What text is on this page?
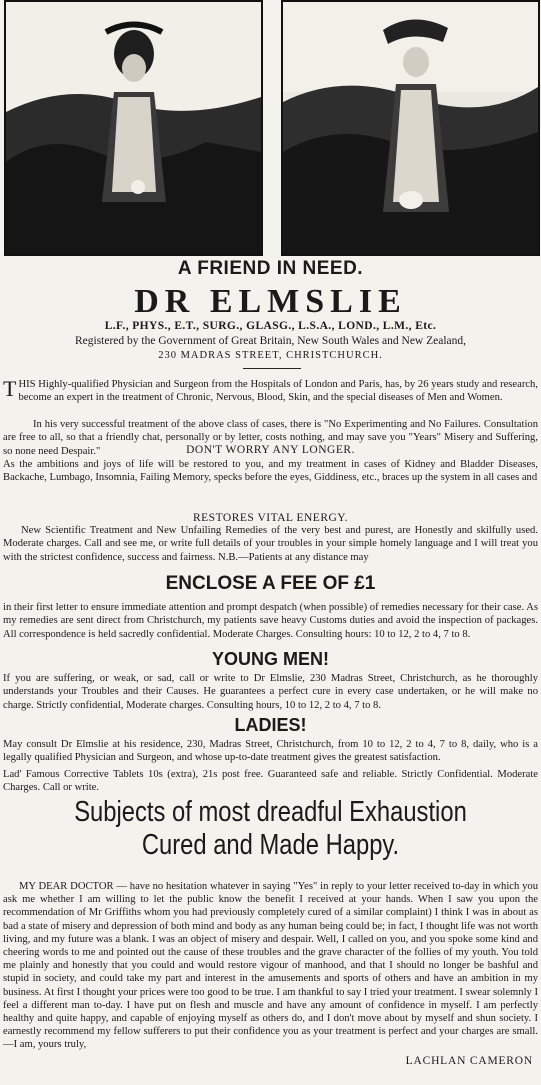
A FRIEND IN NEED.
DR ELMSLIE
L.F., PHYS., E.T., SURG., GLASG., L.S.A., LOND., L.M., Etc.
Registered by the Government of Great Britain, New South Wales and New Zealand,
230 MADRAS STREET, CHRISTCHURCH.
THIS Highly-qualified Physician and Surgeon from the Hospitals of London and Paris, has, by 26 years study and research, become an expert in the treatment of Chronic, Nervous, Blood, Skin, and the special diseases of Men and Women.
In his very successful treatment of the above class of cases, there is "No Experimenting and No Failures. Consultation are free to all, so that a friendly chat, personally or by letter, costs nothing, and may save you "Years" Misery and Suffering, so none need Despair."	DON'T WORRY ANY LONGER.
As the ambitions and joys of life will be restored to you, and my treatment in cases of Kidney and Bladder Diseases, Backache, Lumbago, Insomnia, Failing Memory, specks before the eyes, Giddiness, etc., braces up the system in all cases and
RESTORES VITAL ENERGY.
New Scientific Treatment and New Unfailing Remedies of the very best and purest, are Honestly and skilfully used. Moderate charges. Call and see me, or write full details of your troubles in your simple homely language and I will treat you with the strictest confidence, success and fairness. N.B.—Patients at any distance may
ENCLOSE A FEE OF £1
in their first letter to ensure immediate attention and prompt despatch (when possible) of remedies necessary for their case. As my remedies are sent direct from Christchurch, my patients save heavy Customs duties and avoid the inspection of packages. All correspondence is held sacredly confidential. Moderate Charges. Consulting hours: 10 to 12, 2 to 4, 7 to 8.
YOUNG MEN!
If you are suffering, or weak, or sad, call or write to Dr Elmslie, 230 Madras Street, Christchurch, as he thoroughly understands your Troubles and their Causes. He guarantees a perfect cure in every case undertaken, or he will make no charge. Strictly confidential, Moderate charges. Consulting hours, 10 to 12, 2 to 4, 7 to 8.
LADIES!
May consult Dr Elmslie at his residence, 230, Madras Street, Christchurch, from 10 to 12, 2 to 4, 7 to 8, daily, who is a legally qualified Physician and Surgeon, and whose up-to-date treatment gives the greatest satisfaction.
Lad' Famous Corrective Tablets 10s (extra), 21s post free. Guaranteed safe and reliable. Strictly Confidential. Moderate Charges. Call or write.
Subjects of most dreadful Exhaustion Cured and Made Happy.
MY DEAR DOCTOR — have no hesitation whatever in saying "Yes" in reply to your letter received to-day in which you ask me whether I am willing to let the public know the benefit I received at your hands. When I saw you upon the recommendation of Mr Griffiths whom you had previously completely cured of a similar complaint) I think I was in about as bad a state of misery and depression of both mind and body as any human being could be; in fact, I thought life was not worth living, and my future was a blank. I was an object of misery and despair. Well, I called on you, and you spoke some kind and cheering words to me and pointed out the cause of these troubles and the grave character of the follies of my youth. You told me plainly and honestly that you could and would restore vigour of manhood, and that I should no longer be bashful and stupid in society, and could take my part and interest in the amusements and sports of others and have an ambition in my business. At first I thought your prices were too good to be true. I am thankful to say I tried your treatment. I swear solemnly I feel a different man to-day. I have put on flesh and muscle and have any amount of confidence in myself. I am perfectly healthy and quite happy, and capable of enjoying myself as others do, and I don't move about by myself and shun society. I earnestly recommend my fellow sufferers to put their confidence you as your treatment is perfect and your charges are small.—I am, yours truly,
LACHLAN CAMERON
